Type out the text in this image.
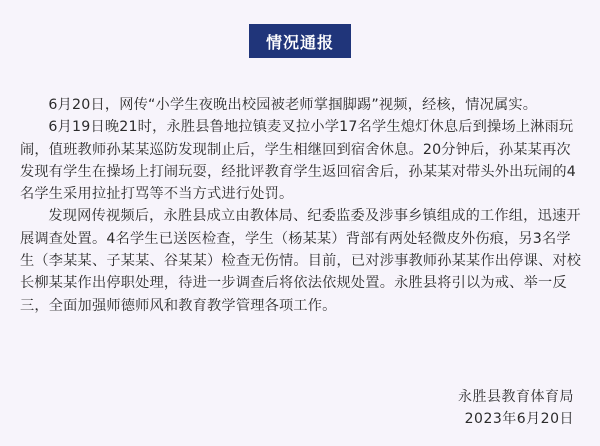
情况通报

6月20日，网传“小学生夜晚出校园被老师掌掴脚踢”视频，经核，情况属实。

6月19日晚21时，永胜县鲁地拉镇麦叉拉小学17名学生熄灯休息后到操场上淋雨玩闹，值班教师孙某某巡防发现制止后，学生相继回到宿舍休息。20分钟后，孙某某再次发现有学生在操场上打闹玩耍，经批评教育学生返回宿舍后，孙某某对带头外出玩闹的4名学生采用拉扯打骂等不当方式进行处罚。

发现网传视频后，永胜县成立由教体局、纪委监委及涉事乡镇组成的工作组，迅速开展调查处置。4名学生已送医检查，学生（杨某某）背部有两处轻微皮外伤痕，另3名学生（李某某、子某某、谷某某）检查无伤情。目前，已对涉事教师孙某某作出停课、对校长柳某某作出停职处理，待进一步调查后将依法依规处置。永胜县将引以为戒、举一反三，全面加强师德师风和教育教学管理各项工作。

永胜县教育体育局
2023年6月20日
